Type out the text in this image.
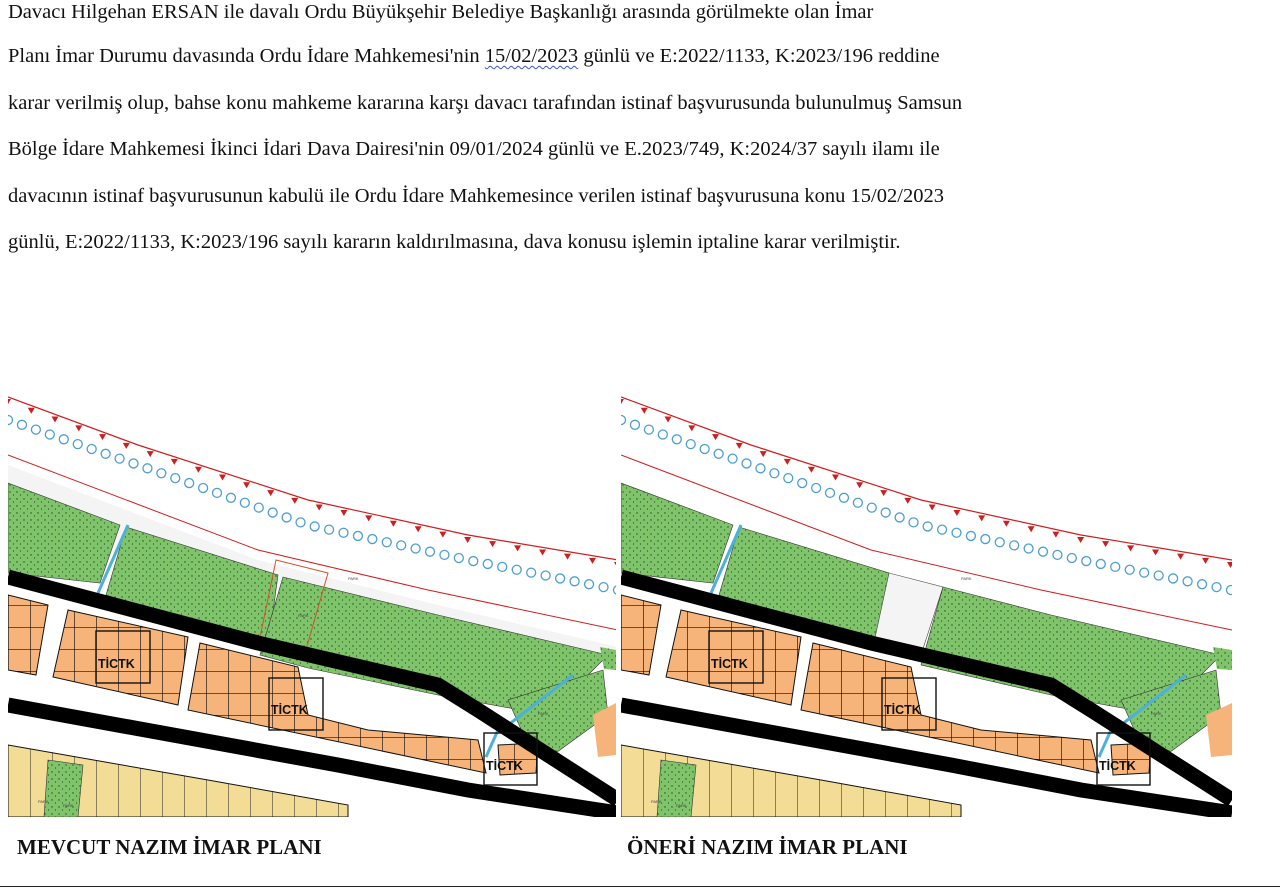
Davacı Hilgehan ERSAN ile davalı Ordu Büyükşehir Belediye Başkanlığı arasında görülmekte olan İmar
Planı İmar Durumu davasında Ordu İdare Mahkemesi'nin 15/02/2023 günlü ve E:2022/1133, K:2023/196 reddine
karar verilmiş olup, bahse konu mahkeme kararına karşı davacı tarafından istinaf başvurusunda bulunulmuş Samsun
Bölge İdare Mahkemesi İkinci İdari Dava Dairesi'nin 09/01/2024 günlü ve E.2023/749, K:2024/37 sayılı ilamı ile
davacının istinaf başvurusunun kabulü ile Ordu İdare Mahkemesince verilen istinaf başvurusuna konu 15/02/2023
günlü, E:2022/1133, K:2023/196 sayılı kararın kaldırılmasına, dava konusu işlemin iptaline karar verilmiştir.
PARK
PARK
PARK
PARK
PARK
TİCTK
TİCTK
TİCTK
PARK
PARK
PARK
PARK
TİCTK
TİCTK
TİCTK
MEVCUT NAZIM İMAR PLANI	ÖNERİ NAZIM İMAR PLANI
